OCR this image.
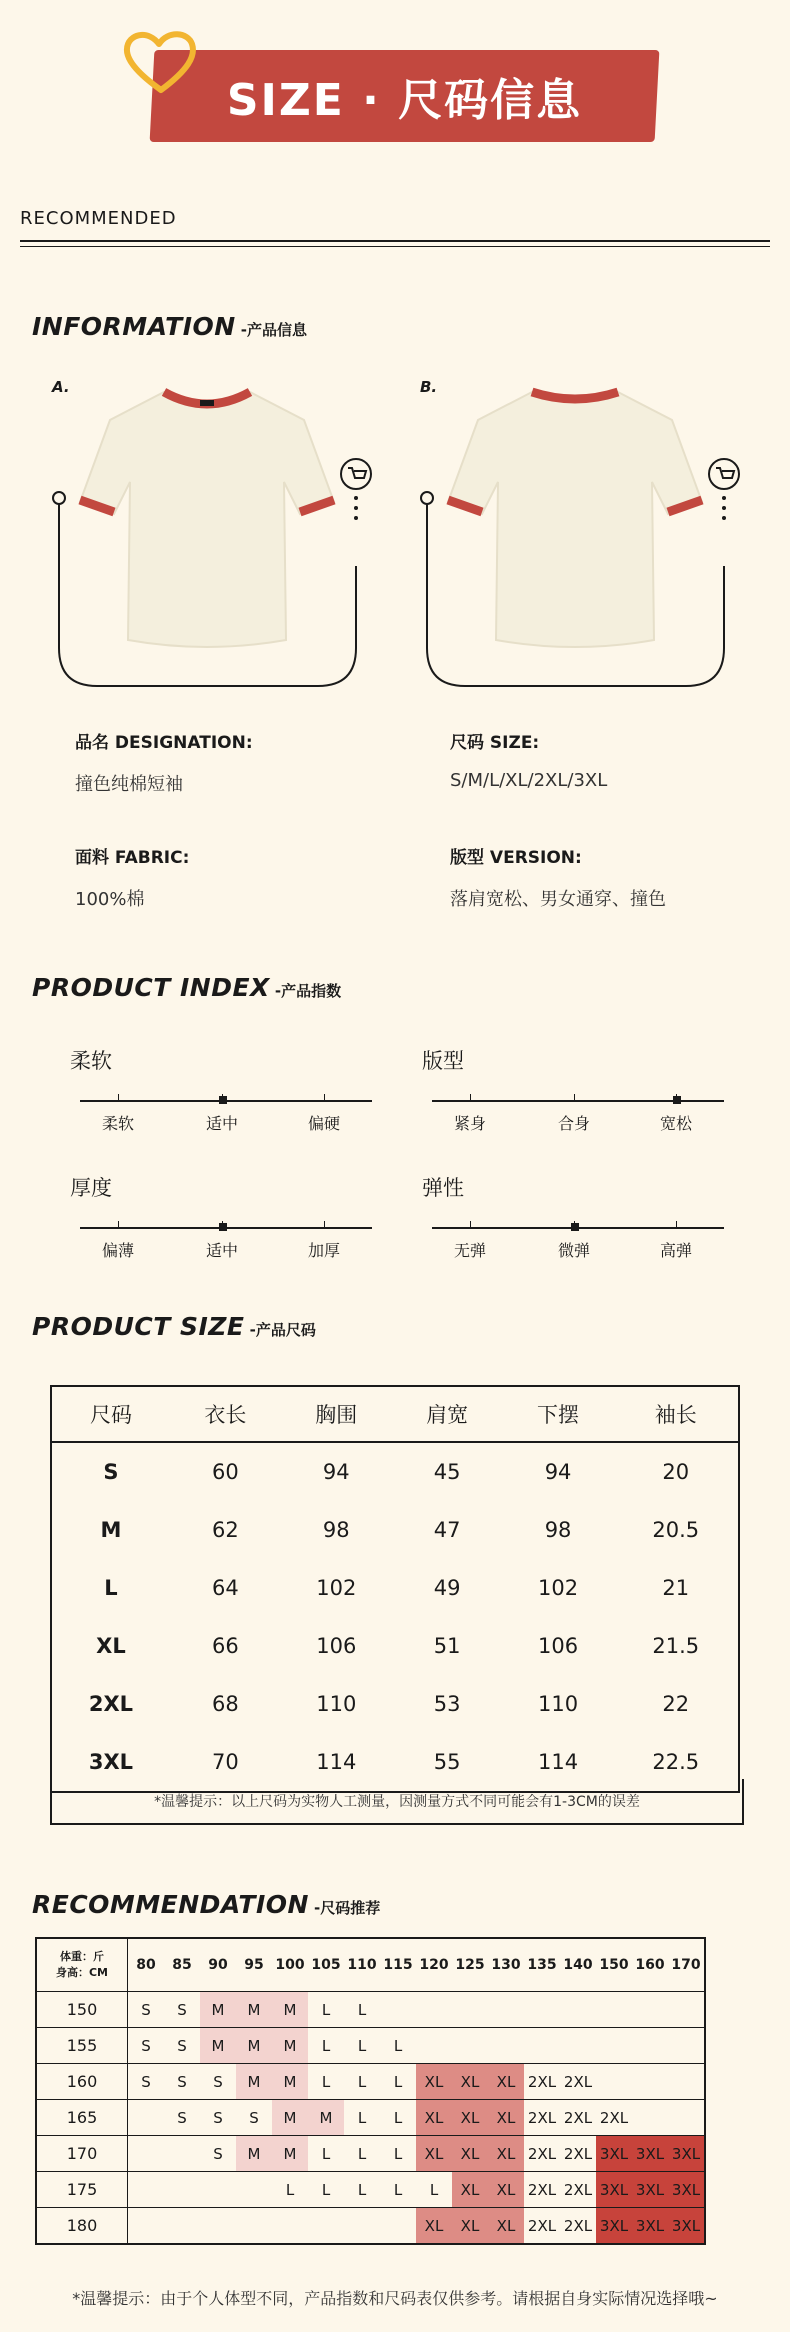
SIZE · 尺码信息
RECOMMENDED
INFORMATION -产品信息
A.	B.
品名 DESIGNATION:
撞色纯棉短袖
尺码 SIZE:
S/M/L/XL/2XL/3XL
面料 FABRIC:
100%棉
版型 VERSION:
落肩宽松、男女通穿、撞色
PRODUCT INDEX -产品指数
柔软
柔软	适中	偏硬
版型
紧身	合身	宽松
厚度
偏薄	适中	加厚
弹性
无弹	微弹	高弹
PRODUCT SIZE -产品尺码
尺码	衣长	胸围	肩宽	下摆	袖长
S	60	94	45	94	20
M	62	98	47	98	20.5
L	64	102	49	102	21
XL	66	106	51	106	21.5
2XL	68	110	53	110	22
3XL	70	114	55	114	22.5
*温馨提示：以上尺码为实物人工测量，因测量方式不同可能会有1-3CM的误差
RECOMMENDATION -尺码推荐
体重：斤
身高：CM	80	85	90	95	100	105	110	115	120	125	130	135	140	150	160	170
150	S	S	M	M	M	L	L									
155	S	S	M	M	M	L	L	L								
160	S	S	S	M	M	L	L	L	XL	XL	XL	2XL	2XL			
165		S	S	S	M	M	L	L	XL	XL	XL	2XL	2XL	2XL		
170			S	M	M	L	L	L	XL	XL	XL	2XL	2XL	3XL	3XL	3XL
175					L	L	L	L	L	XL	XL	2XL	2XL	3XL	3XL	3XL
180									XL	XL	XL	2XL	2XL	3XL	3XL	3XL
*温馨提示：由于个人体型不同，产品指数和尺码表仅供参考。请根据自身实际情况选择哦~
